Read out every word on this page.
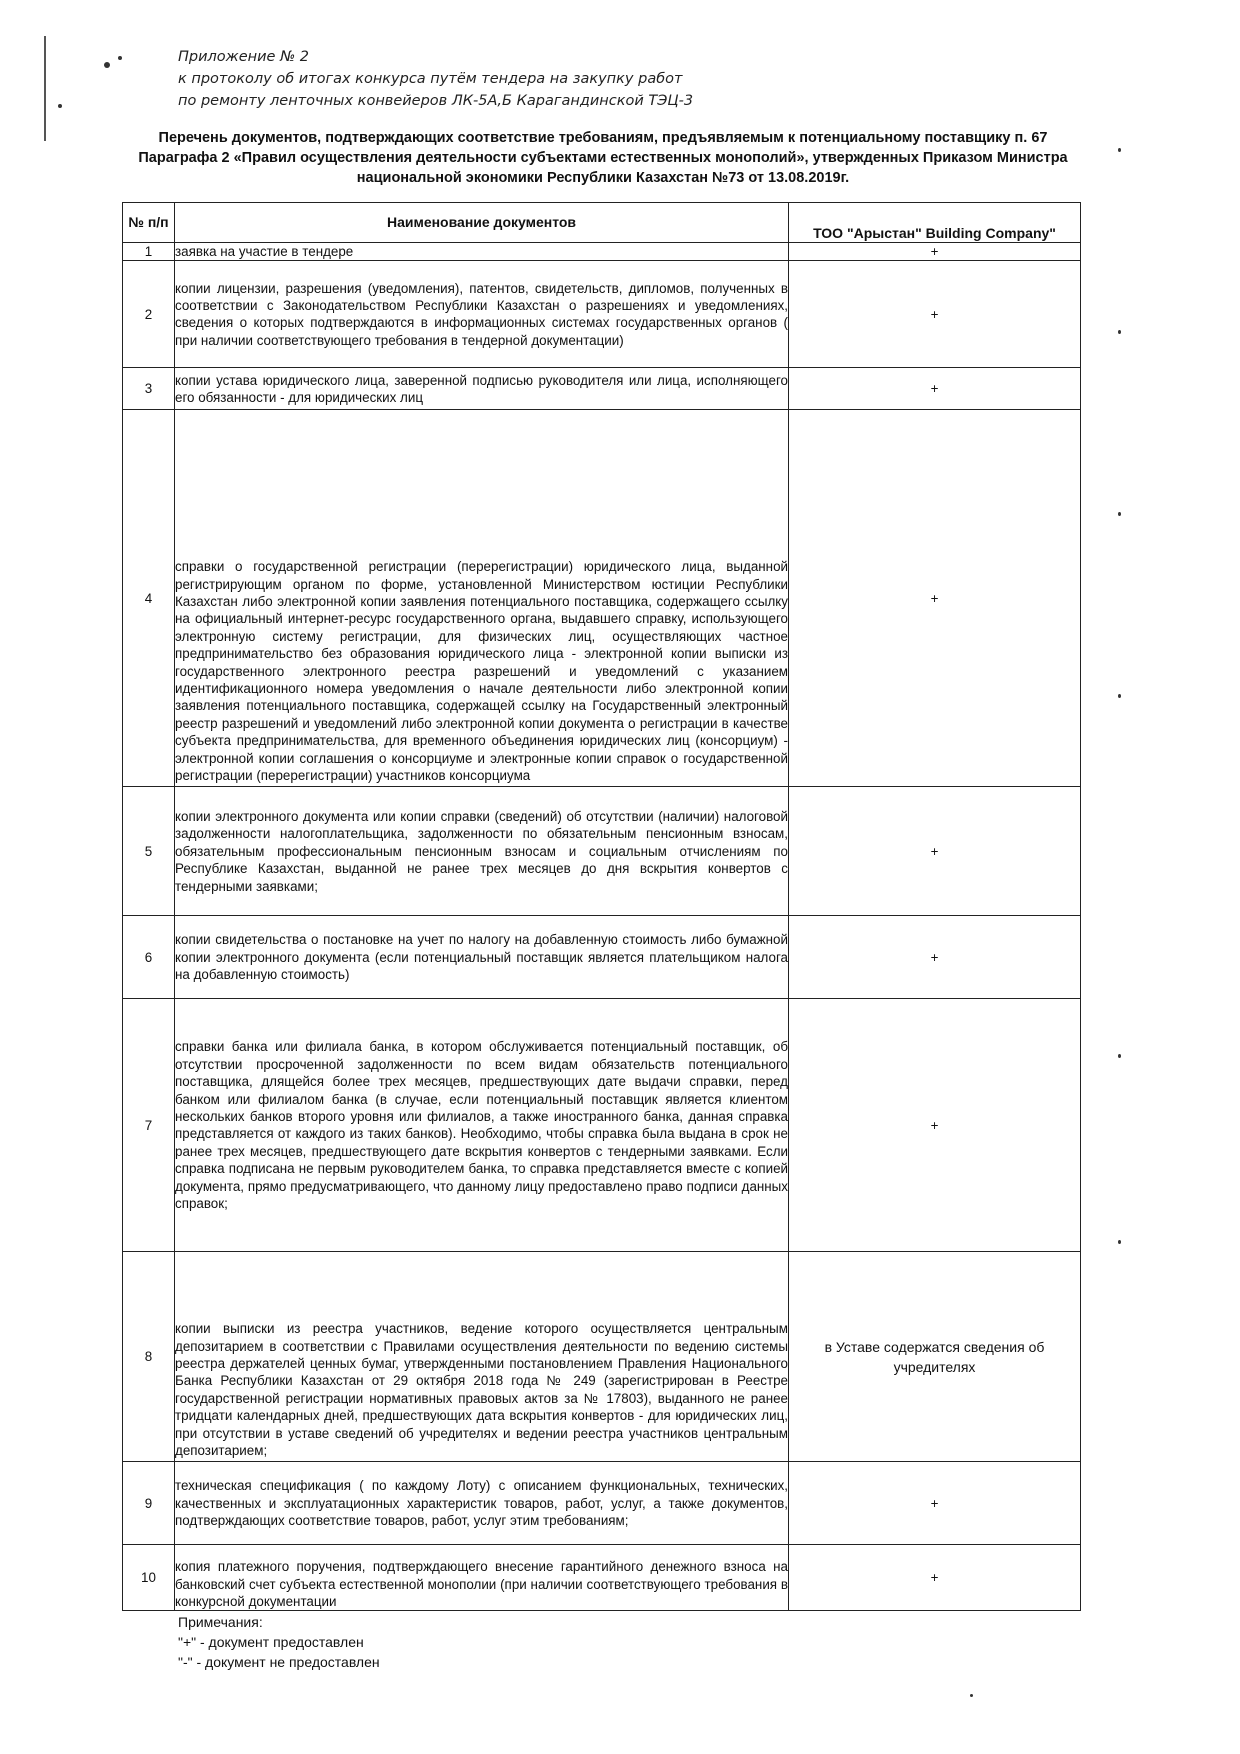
Приложение № 2
к протоколу об итогах конкурса путём тендера на закупку работ
по ремонту ленточных конвейеров ЛК-5А,Б Карагандинской ТЭЦ-3
Перечень документов, подтверждающих соответствие требованиям, предъявляемым к потенциальному поставщику п. 67 Параграфа 2 «Правил осуществления деятельности субъектами естественных монополий», утвержденных Приказом Министра национальной экономики Республики Казахстан №73 от 13.08.2019г.
№ п/п	Наименование документов	ТОО "Арыстан" Building Company"
1	заявка на участие в тендере	+
2	копии лицензии, разрешения (уведомления), патентов, свидетельств, дипломов, полученных в соответствии с Законодательством Республики Казахстан о разрешениях и уведомлениях, сведения о которых подтверждаются в информационных системах государственных органов ( при наличии соответствующего требования в тендерной документации)	+
3	копии устава юридического лица, заверенной подписью руководителя или лица, исполняющего его обязанности - для юридических лиц	+
4	справки о государственной регистрации (перерегистрации) юридического лица, выданной регистрирующим органом по форме, установленной Министерством юстиции Республики Казахстан либо электронной копии заявления потенциального поставщика, содержащего ссылку на официальный интернет-ресурс государственного органа, выдавшего справку, использующего электронную систему регистрации, для физических лиц, осуществляющих частное предпринимательство без образования юридического лица - электронной копии выписки из государственного электронного реестра разрешений и уведомлений с указанием идентификационного номера уведомления о начале деятельности либо электронной копии заявления потенциального поставщика, содержащей ссылку на Государственный электронный реестр разрешений и уведомлений либо электронной копии документа о регистрации в качестве субъекта предпринимательства, для временного объединения юридических лиц (консорциум) - электронной копии соглашения о консорциуме и электронные копии справок о государственной регистрации (перерегистрации) участников консорциума	+
5	копии электронного документа или копии справки (сведений) об отсутствии (наличии) налоговой задолженности налогоплательщика, задолженности по обязательным пенсионным взносам, обязательным профессиональным пенсионным взносам и социальным отчислениям по Республике Казахстан, выданной не ранее трех месяцев до дня вскрытия конвертов с тендерными заявками;	+
6	копии свидетельства о постановке на учет по налогу на добавленную стоимость либо бумажной копии электронного документа (если потенциальный поставщик является плательщиком налога на добавленную стоимость)	+
7	справки банка или филиала банка, в котором обслуживается потенциальный поставщик, об отсутствии просроченной задолженности по всем видам обязательств потенциального поставщика, длящейся более трех месяцев, предшествующих дате выдачи справки, перед банком или филиалом банка (в случае, если потенциальный поставщик является клиентом нескольких банков второго уровня или филиалов, а также иностранного банка, данная справка представляется от каждого из таких банков). Необходимо, чтобы справка была выдана в срок не ранее трех месяцев, предшествующего дате вскрытия конвертов с тендерными заявками. Если справка подписана не первым руководителем банка, то справка представляется вместе с копией документа, прямо предусматривающего, что данному лицу предоставлено право подписи данных справок;	+
8	копии выписки из реестра участников, ведение которого осуществляется центральным депозитарием в соответствии с Правилами осуществления деятельности по ведению системы реестра держателей ценных бумаг, утвержденными постановлением Правления Национального Банка Республики Казахстан от 29 октября 2018 года № 249 (зарегистрирован в Реестре государственной регистрации нормативных правовых актов за № 17803), выданного не ранее тридцати календарных дней, предшествующих дата вскрытия конвертов - для юридических лиц, при отсутствии в уставе сведений об учредителях и ведении реестра участников центральным депозитарием;	в Уставе содержатся сведения об учредителях
9	техническая спецификация ( по каждому Лоту) с описанием функциональных, технических, качественных и эксплуатационных характеристик товаров, работ, услуг, а также документов, подтверждающих соответствие товаров, работ, услуг этим требованиям;	+
10	копия платежного поручения, подтверждающего внесение гарантийного денежного взноса на банковский счет субъекта естественной монополии (при наличии соответствующего требования в конкурсной документации	+
Примечания:
"+" - документ предоставлен
"-" - документ не предоставлен
